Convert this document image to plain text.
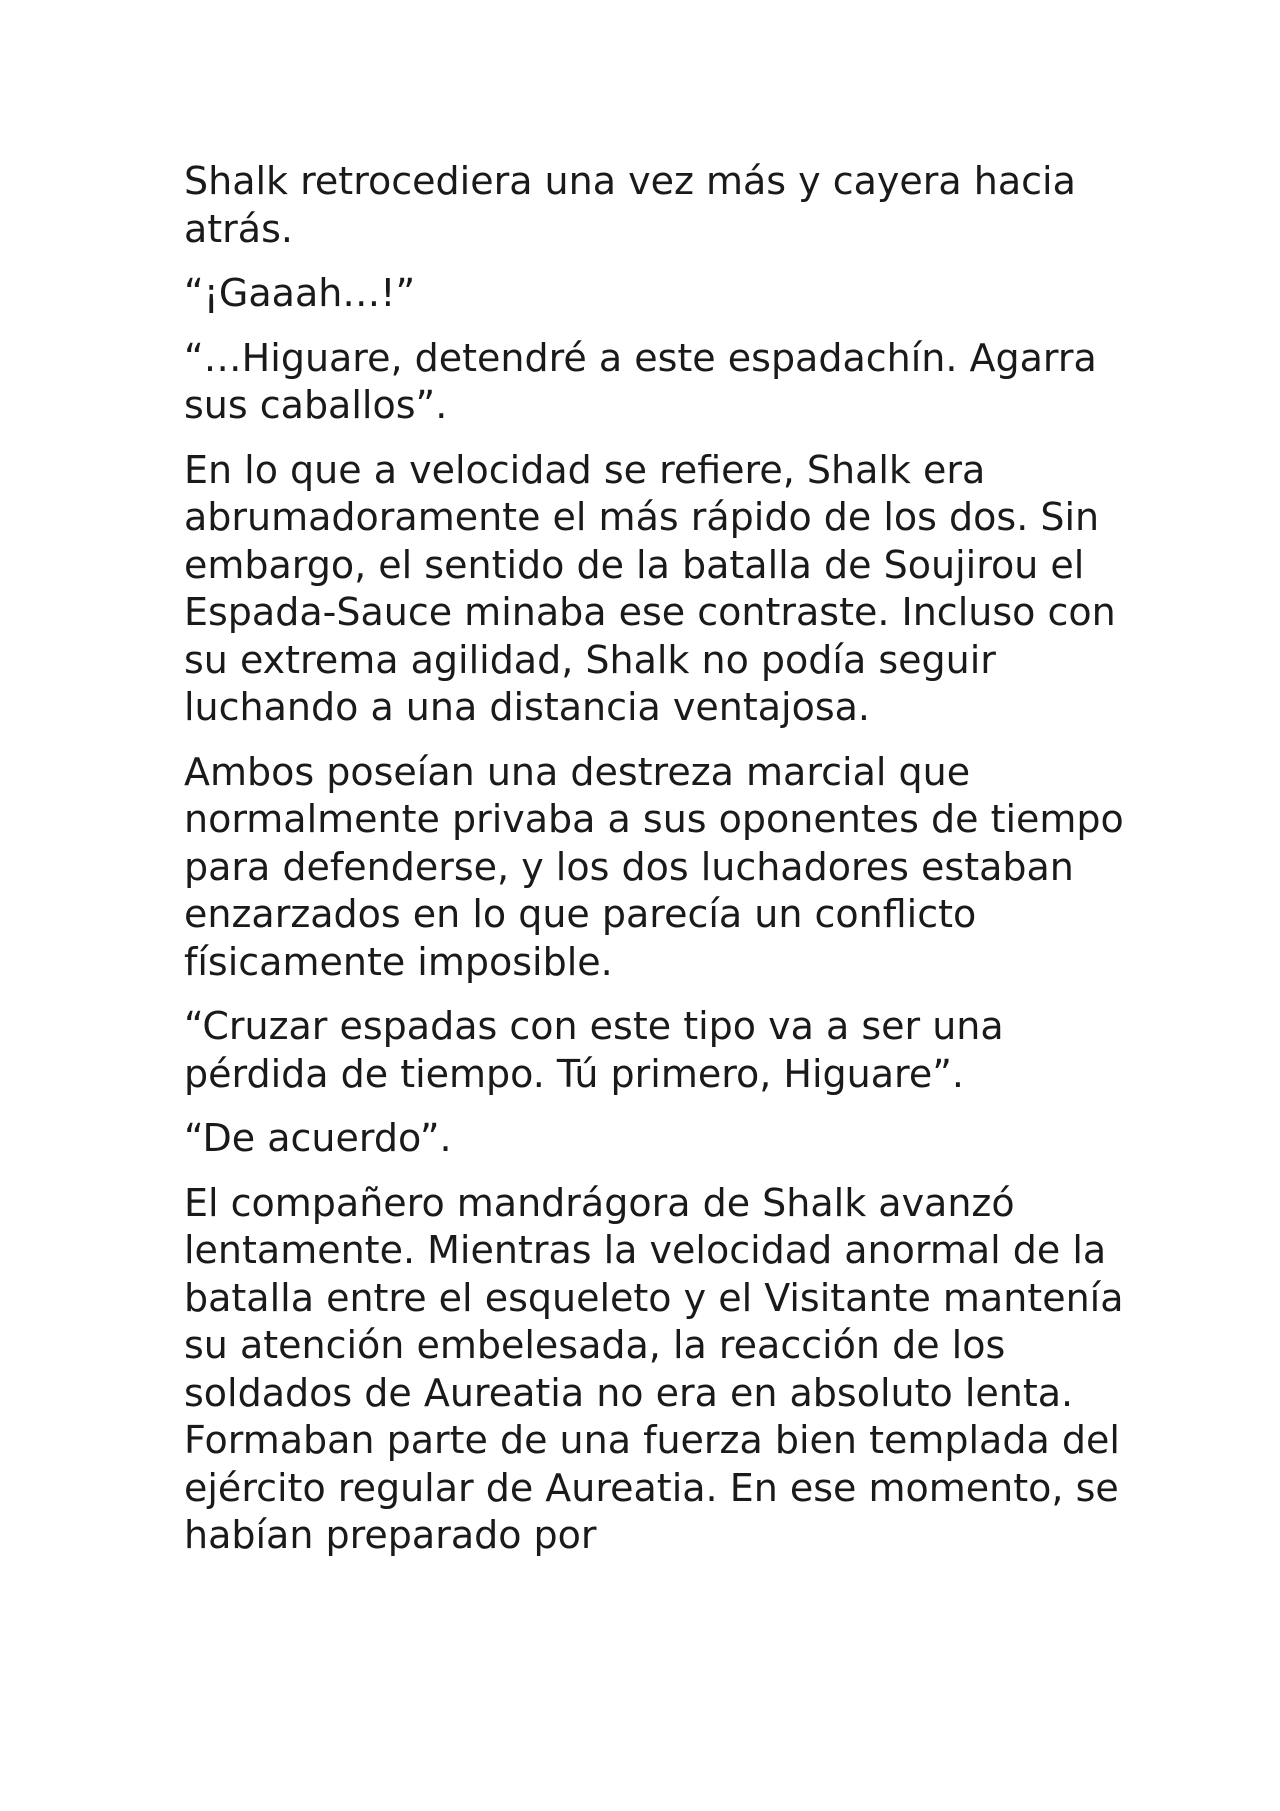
Shalk retrocediera una vez más y cayera hacia atrás.

“¡Gaaah…!”

“…Higuare, detendré a este espadachín. Agarra sus caballos”.

En lo que a velocidad se refiere, Shalk era abrumadoramente el más rápido de los dos. Sin embargo, el sentido de la batalla de Soujirou el Espada-Sauce minaba ese contraste. Incluso con su extrema agilidad, Shalk no podía seguir luchando a una distancia ventajosa.

Ambos poseían una destreza marcial que normalmente privaba a sus oponentes de tiempo para defenderse, y los dos luchadores estaban enzarzados en lo que parecía un conflicto físicamente imposible.

“Cruzar espadas con este tipo va a ser una pérdida de tiempo. Tú primero, Higuare”.

“De acuerdo”.

El compañero mandrágora de Shalk avanzó lentamente. Mientras la velocidad anormal de la batalla entre el esqueleto y el Visitante mantenía su atención embelesada, la reacción de los soldados de Aureatia no era en absoluto lenta. Formaban parte de una fuerza bien templada del ejército regular de Aureatia. En ese momento, se habían preparado por
